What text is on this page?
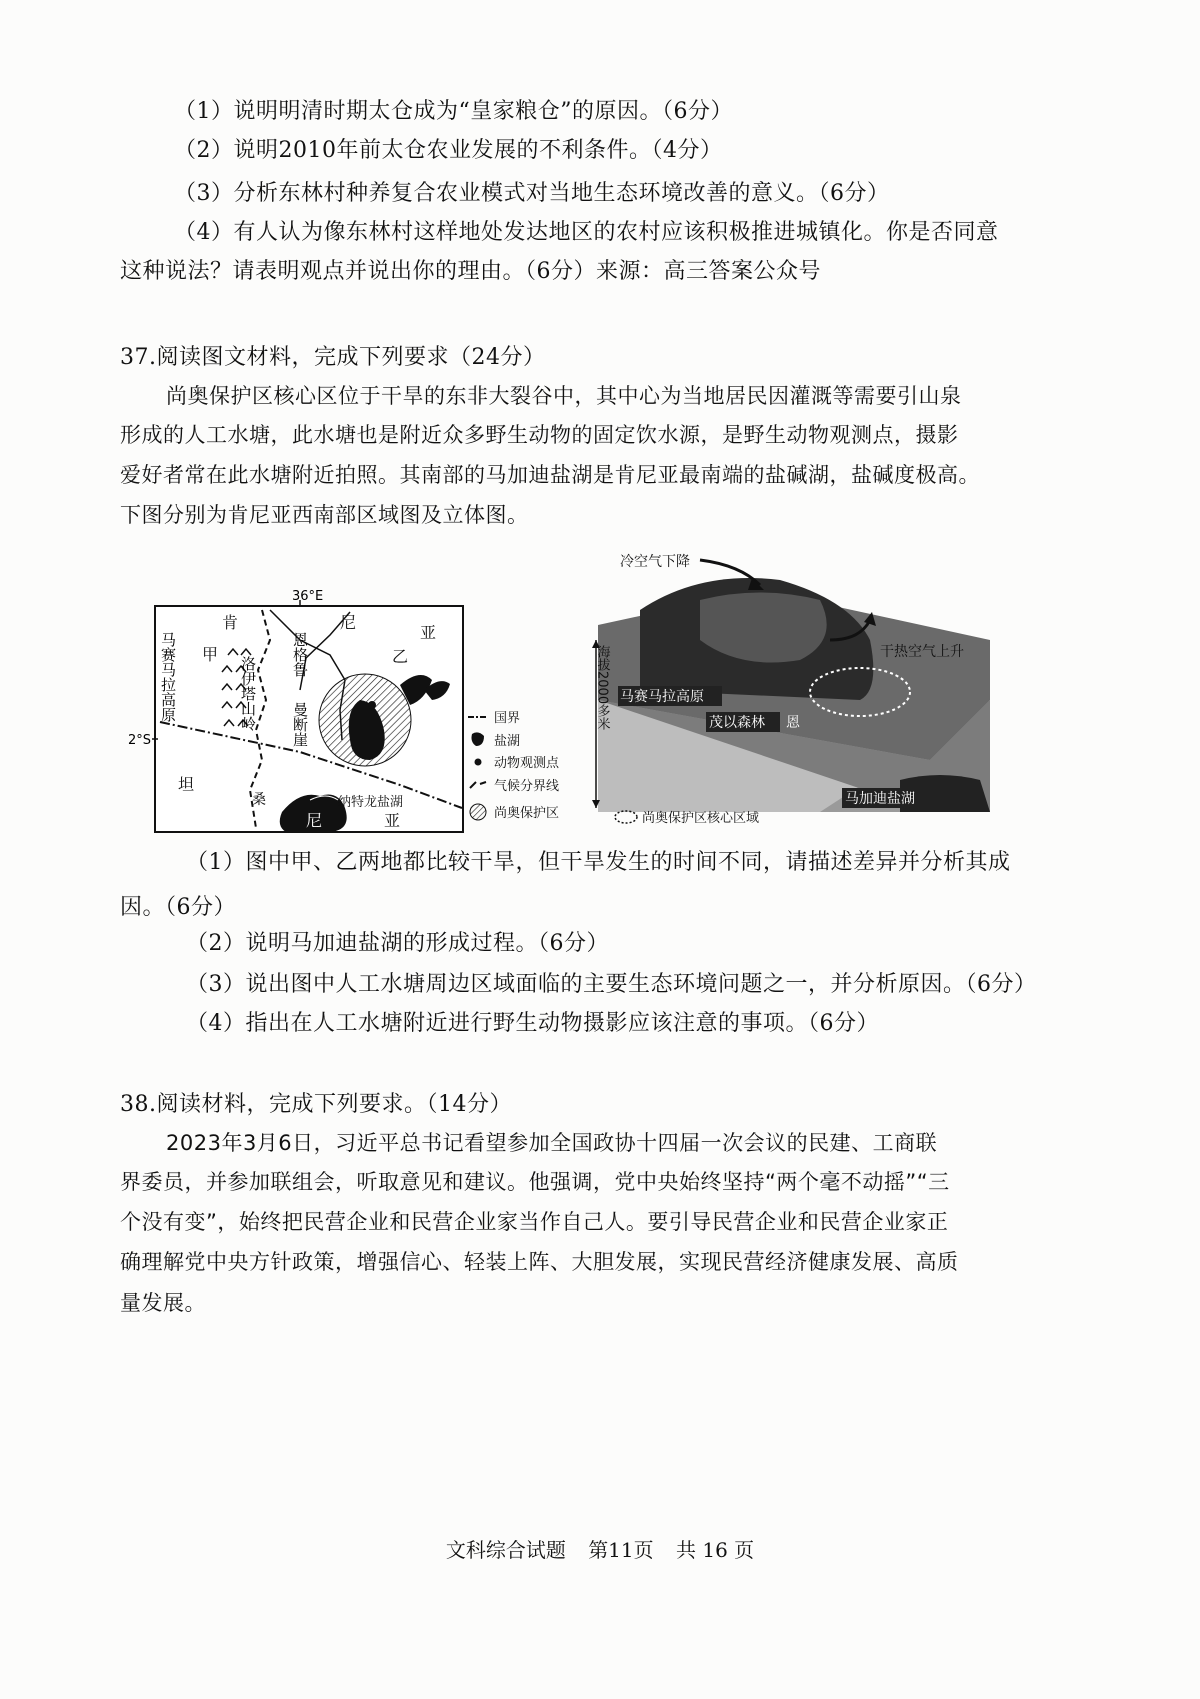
（1）说明明清时期太仓成为“皇家粮仓”的原因。（6分）
（2）说明2010年前太仓农业发展的不利条件。（4分）
（3）分析东林村种养复合农业模式对当地生态环境改善的意义。（6分）
（4）有人认为像东林村这样地处发达地区的农村应该积极推进城镇化。你是否同意
这种说法？请表明观点并说出你的理由。（6分）来源：高三答案公众号
37.阅读图文材料，完成下列要求（24分）
尚奥保护区核心区位于干旱的东非大裂谷中，其中心为当地居民因灌溉等需要引山泉
形成的人工水塘，此水塘也是附近众多野生动物的固定饮水源，是野生动物观测点，摄影
爱好者常在此水塘附近拍照。其南部的马加迪盐湖是肯尼亚最南端的盐碱湖，盐碱度极高。
下图分别为肯尼亚西南部区域图及立体图。
36°E
2°S
肯	尼
亚
甲	乙
坦
桑
尼	亚
纳特龙盐湖
马赛马拉高原	洛伊塔山岭
恩格鲁
曼断崖	国界
盐湖
动物观测点
气候分界线
尚奥保护区
冷空气下降
干热空气上升
海拔2000多米 马赛马拉高原
茂以森林 恩
马加迪盐湖
尚奥保护区核心区域
（1）图中甲、乙两地都比较干旱，但干旱发生的时间不同，请描述差异并分析其成
因。（6分）
（2）说明马加迪盐湖的形成过程。（6分）
（3）说出图中人工水塘周边区域面临的主要生态环境问题之一，并分析原因。（6分）
（4）指出在人工水塘附近进行野生动物摄影应该注意的事项。（6分）
38.阅读材料，完成下列要求。（14分）
2023年3月6日，习近平总书记看望参加全国政协十四届一次会议的民建、工商联
界委员，并参加联组会，听取意见和建议。他强调，党中央始终坚持“两个毫不动摇”“三
个没有变”，始终把民营企业和民营企业家当作自己人。要引导民营企业和民营企业家正
确理解党中央方针政策，增强信心、轻装上阵、大胆发展，实现民营经济健康发展、高质
量发展。
文科综合试题 第11页 共 16 页
